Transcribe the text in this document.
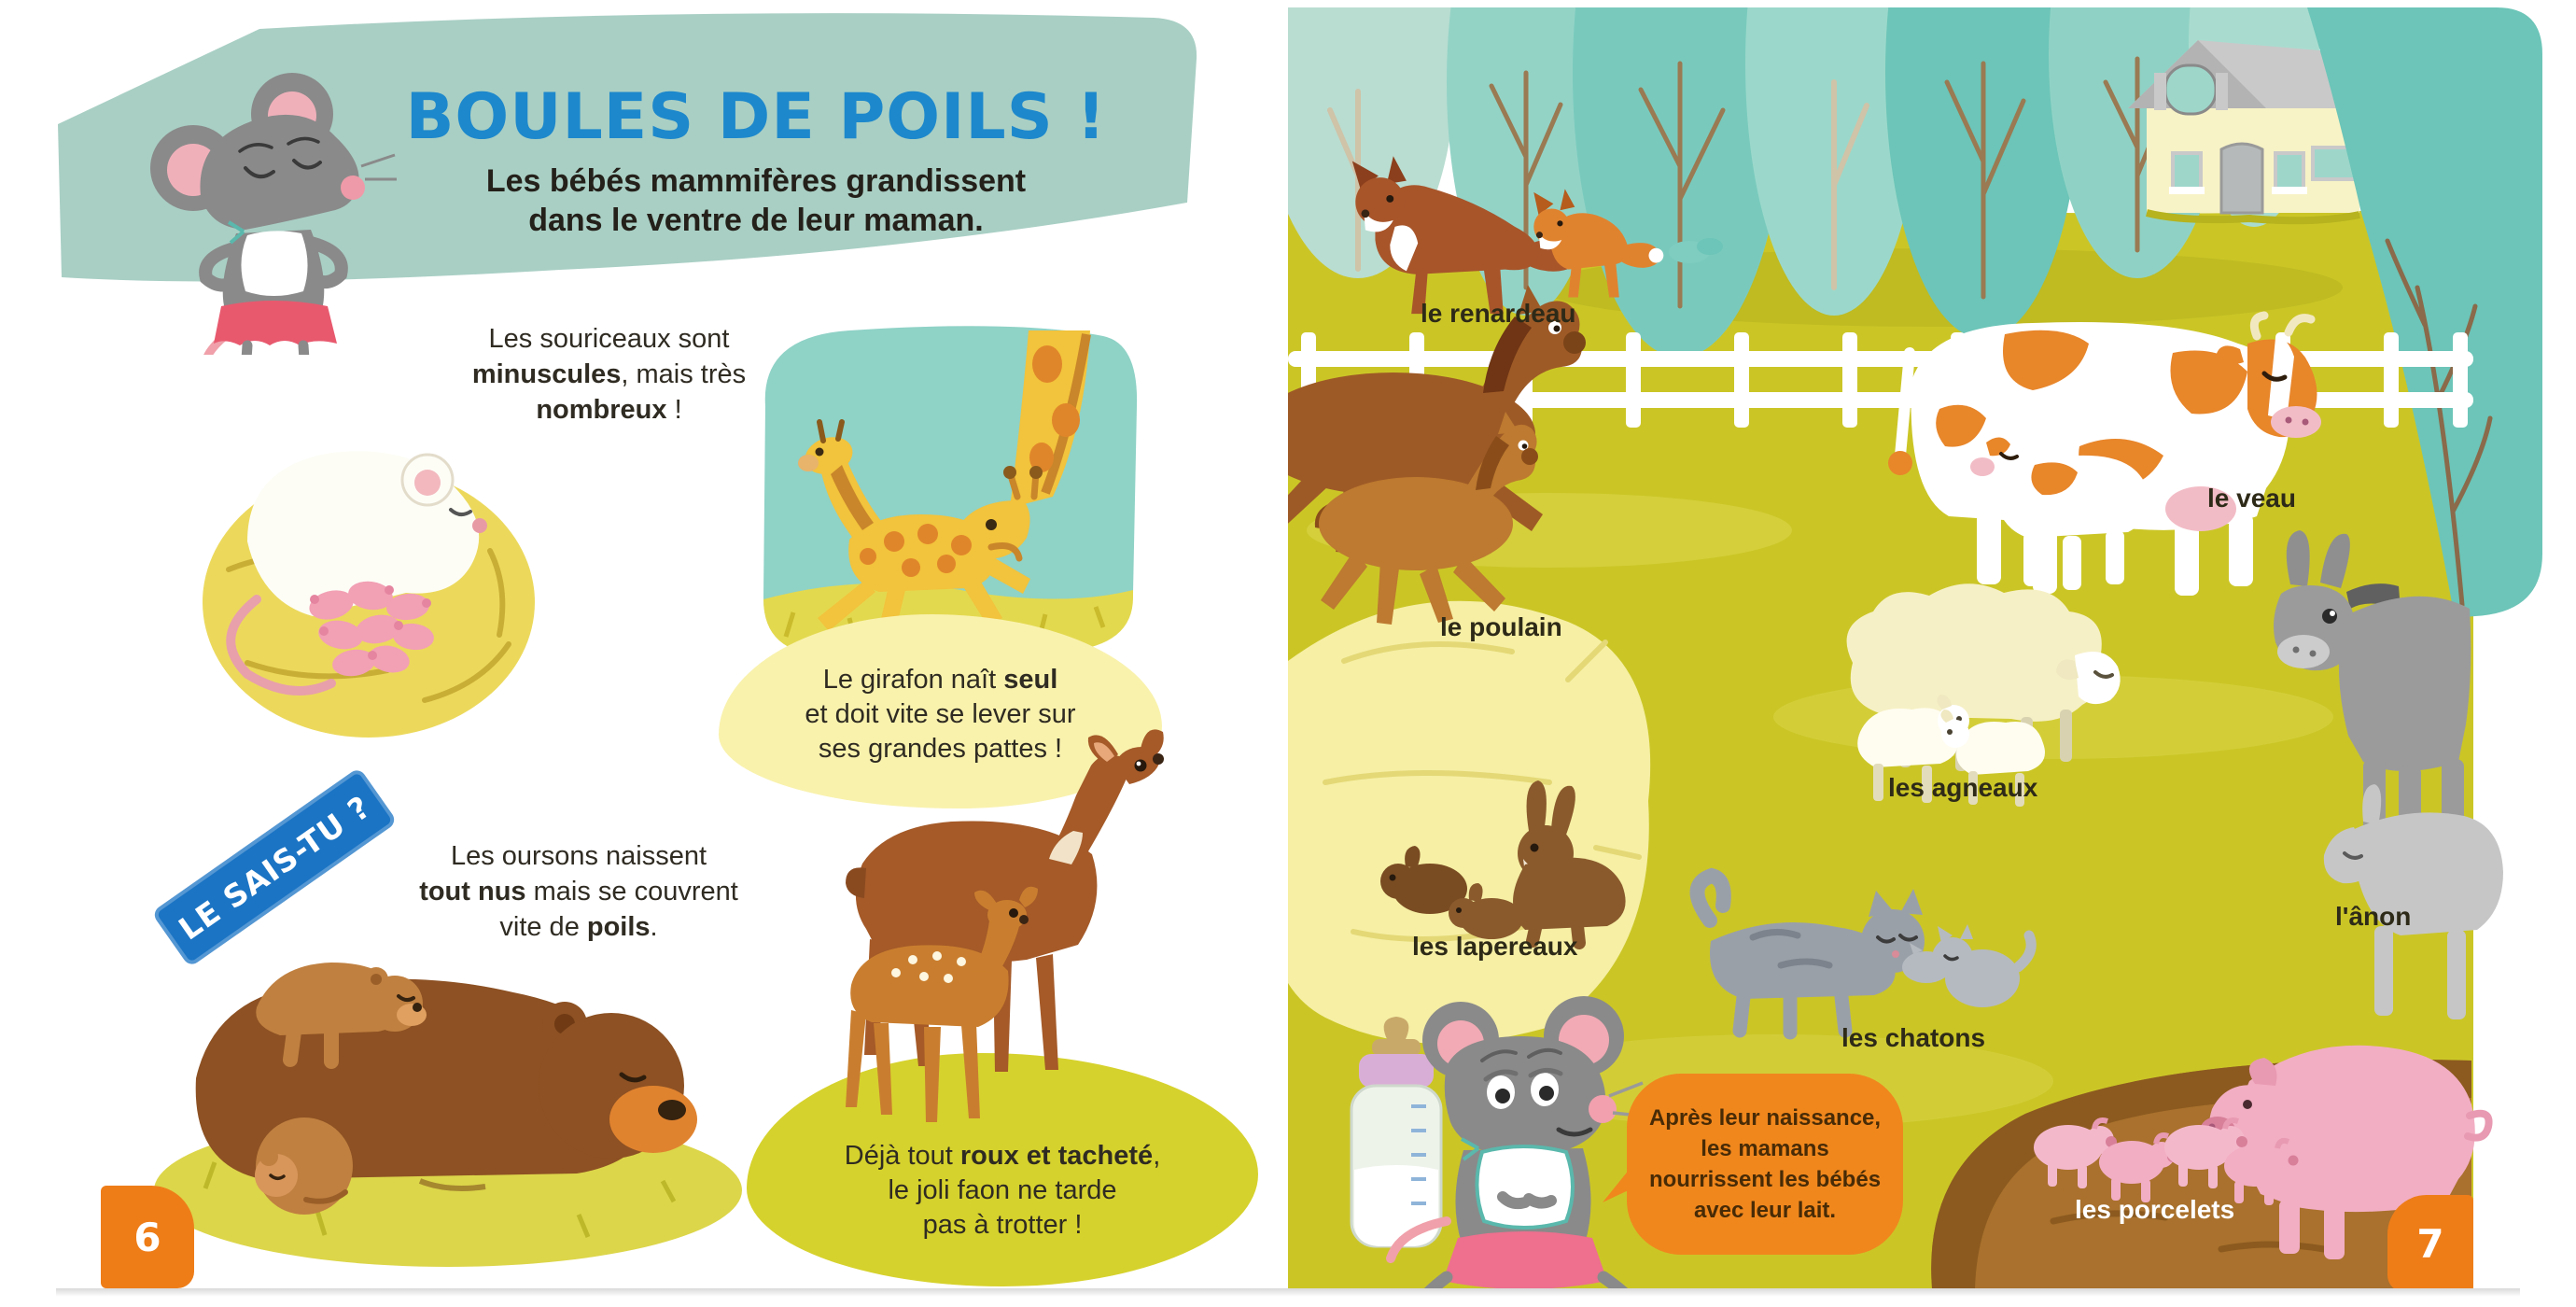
BOULES DE POILS !
Les bébés mammifères grandissent
dans le ventre de leur maman.
Les souriceaux sont
minuscules, mais très
nombreux !
Le girafon naît seul
et doit vite se lever sur
ses grandes pattes !
LE SAIS-TU ?	Les oursons naissent
tout nus mais se couvrent
vite de poils.
Déjà tout roux et tacheté,
le joli faon ne tarde
pas à trotter !
6
le renardeau
le poulain
le veau
les agneaux
l'ânon
les lapereaux
les chatons
les porcelets
Après leur naissance,
les mamans
nourrissent les bébés
avec leur lait.
7
